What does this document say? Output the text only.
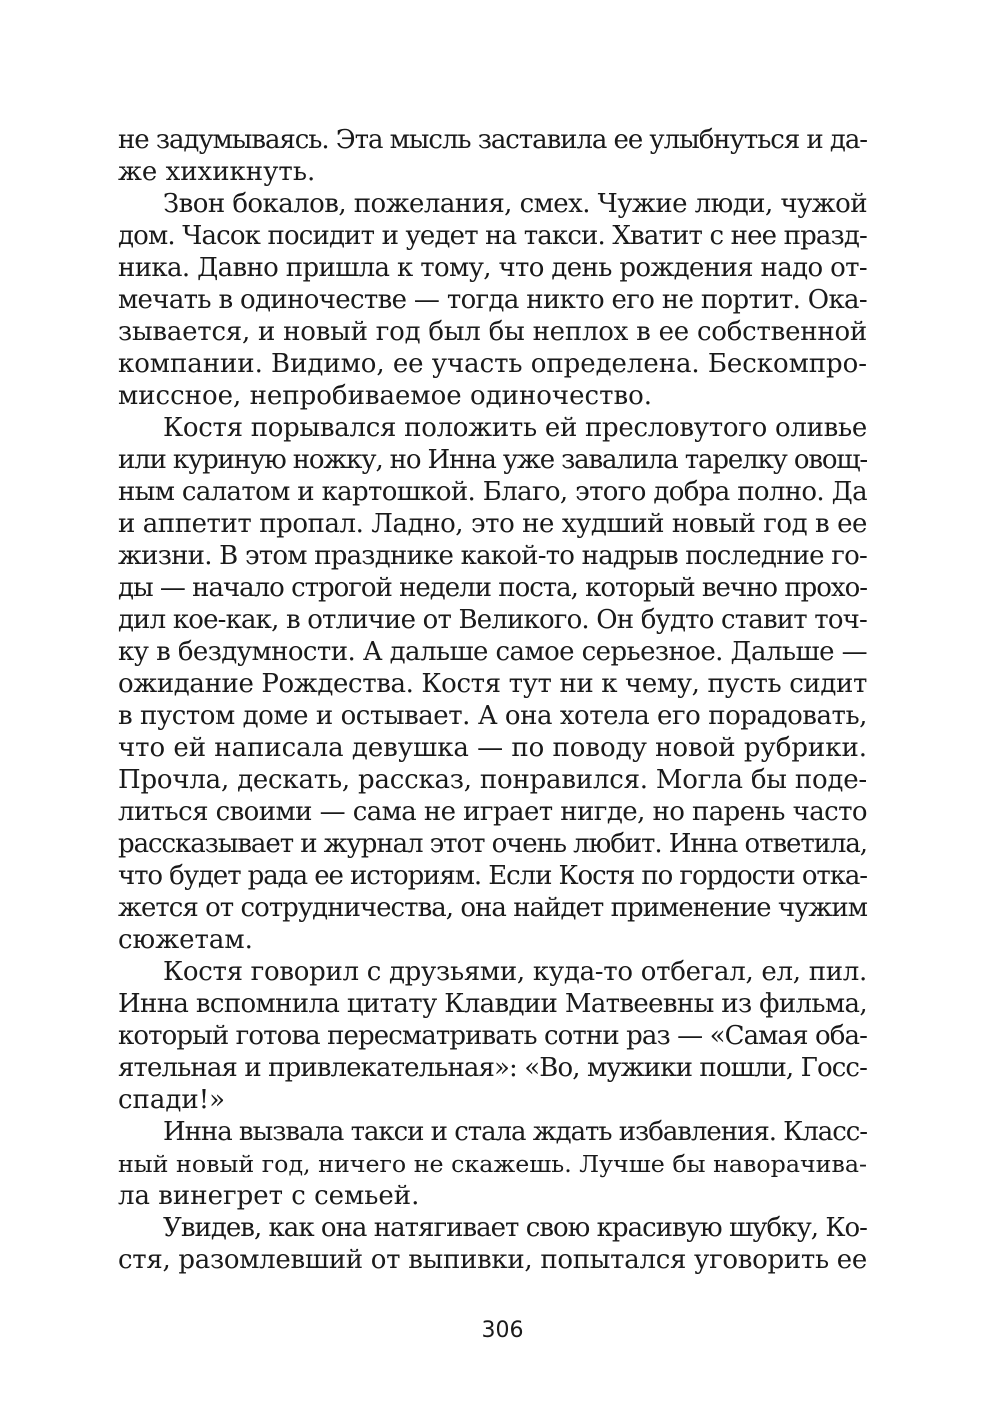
не задумываясь. Эта мысль заставила ее улыбнуться и да-
же хихикнуть.
Звон бокалов, пожелания, смех. Чужие люди, чужой
дом. Часок посидит и уедет на такси. Хватит с нее празд-
ника. Давно пришла к тому, что день рождения надо от-
мечать в одиночестве — тогда никто его не портит. Ока-
зывается, и новый год был бы неплох в ее собственной
компании. Видимо, ее участь определена. Бескомпро-
миссное, непробиваемое одиночество.
Костя порывался положить ей пресловутого оливье
или куриную ножку, но Инна уже завалила тарелку овощ-
ным салатом и картошкой. Благо, этого добра полно. Да
и аппетит пропал. Ладно, это не худший новый год в ее
жизни. В этом празднике какой-то надрыв последние го-
ды — начало строгой недели поста, который вечно прохо-
дил кое-как, в отличие от Великого. Он будто ставит точ-
ку в бездумности. А дальше самое серьезное. Дальше —
ожидание Рождества. Костя тут ни к чему, пусть сидит
в пустом доме и остывает. А она хотела его порадовать,
что ей написала девушка — по поводу новой рубрики.
Прочла, дескать, рассказ, понравился. Могла бы поде-
литься своими — сама не играет нигде, но парень часто
рассказывает и журнал этот очень любит. Инна ответила,
что будет рада ее историям. Если Костя по гордости отка-
жется от сотрудничества, она найдет применение чужим
сюжетам.
Костя говорил с друзьями, куда-то отбегал, ел, пил.
Инна вспомнила цитату Клавдии Матвеевны из фильма,
который готова пересматривать сотни раз — «Самая оба-
ятельная и привлекательная»: «Во, мужики пошли, Госс-
спади!»
Инна вызвала такси и стала ждать избавления. Класс-
ный новый год, ничего не скажешь. Лучше бы наворачива-
ла винегрет с семьей.
Увидев, как она натягивает свою красивую шубку, Ко-
стя, разомлевший от выпивки, попытался уговорить ее
306
